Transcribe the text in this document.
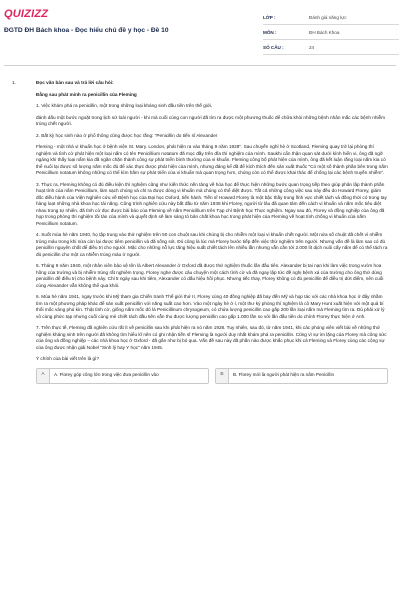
QUIZIZZ
ĐGTD ĐH Bách khoa - Đọc hiểu chủ đề y học - Đề 10
LỚP :	Đánh giá năng lực
MÔN :	ĐH Bách Khoa
SỐ CÂU :	24
1.	Đọc văn bản sau và trả lời câu hỏi:

Đằng sau phát minh ra penicillin của Fleming

1. Việc khám phá ra penicillin, một trong những loại kháng sinh đầu tiên trên thế giới,

đánh dấu một bước ngoặt trong lịch sử loài người - khi mà cuối cùng con người đã tìm ra được một phương thuốc để chữa khỏi những bệnh nhân mắc các bệnh nhiễm trùng chết người.

2. Bất kỳ học sinh nào ở phổ thông cũng được học rằng: "Penicillin do tiến sĩ Alexander

Fleming - một nhà vi khuẩn học ở bệnh viện St. Mary. London, phát hiện ra vào tháng 9 năm 1928". Sau chuyến nghỉ hè ở Scotland, Fleming quay trở lại phòng thí nghiệm và tình cờ phát hiện một loại nấm có tên Penicillium notatum đã mọc đầy trên đĩa thí nghiệm của mình. Saukhi cẩn thận quan sát dưới kính hiển vi, ông đã ngỡ ngàng khi thấy loại nấm kia đã ngăn chặn thành công sự phát triển bình thường của vi khuẩn. Fleming công bố phát hiện của mình, ông đã kết luận rằng loại nấm kia có thể nuôi lại được số lượng nấm mốc đủ để xác thực được phát hiện của mình, nhưng đáng kể đã để kích thích đến sản xuất thuốc "Có một số thành phần bên trong nấm Penicillium notatum không những có thể kìm hãm sự phát triển của vi khuẩn mà quan trọng hơn, chúng còn có thể được khai thác để chống lại các bệnh truyền nhiễm".

3. Thực ra, Fleming không có đủ điều kiện thí nghiệm cũng như kiến thức nền tảng về hóa học để thực hiện những bước quan trọng tiếp theo giúp phân lập thành phần hoạt tính của nấm Penicillium, làm sạch chúng và chỉ ra được dòng vi khuẩn mà chúng có thể diệt được. Tất cả những công việc sau này đều do Howard Florey, giám đốc điều hành của Viện Nghiên cứu về Bệnh học của Đại học Oxford, tiến hành. Tiến sĩ Howard Florey là một bậc thầy trong lĩnh vực chiết tách và đồng thời có trong tay hàng loạt những nhà khoa học tài năng. Công trình nghiên cứu này bắt đầu từ năm 1938 khi Florey, người từ lâu đã quan tâm đến cách vi khuẩn và nấm mốc tiêu diệt nhau trong tự nhiên, đã tình cờ đọc được bài báo của Fleming về nấm Penicillium trên Tạp chí Bệnh học Thực nghiệm. Ngay sau đó, Florey và đồng nghiệp của ông đã họp trong phòng thí nghiệm tồi tàn của mình và quyết định sẽ làm sáng tỏ bản chất khoa học trong phát hiện của Fleming về hoạt tính chống vi khuẩn của nấm Penicillium notatum.

4. Suốt mùa hè năm 1940, họ tập trung vào thử nghiệm trên 50 con chuột sau khi chúng bị cho nhiễm một loại vi khuẩn chết người. Một nửa số chuột đã chết vì nhiễm trùng máu trong khi nửa còn lại được tiêm penicillin và đã sống sót. Đó cũng là lúc mà Florey bước tiếp đến việc thử nghiệm trên người. Nhưng vấn đề là làm sao có đủ penicillin nguyên chất để điều trị cho người. Mặc cho những nỗ lực tăng hiệu suất chiết tách lên nhiều lần nhưng vẫn cần tới 2.000 lít dịch nuôi cấy nấm để có thể tách ra đủ penicillin cho một ca nhiễm trùng máu ở người.

5. Tháng 9 năm 1940, một nhân viên bảo vệ tên là Albert Alexander ở Oxford đã được thử nghiệm thuốc lần đầu tiên. Alexander bị tai nạn khi làm việc trong vườn hoa hồng của trường và bị nhiễm trùng rất nghiêm trọng. Florey nghe được câu chuyện một cách tình cờ và đã ngay lập tức đề nghị bệnh xá của trường cho ông thử dùng penicillin để điều trị cho bệnh này. Chỉ 5 ngày sau khi tiêm, Alexander có dấu hiệu hồi phục. Nhưng tiếc thay, Florey không có đủ penicillin để điều trị dứt điểm, nên cuối cùng Alexander vẫn không thể qua khỏi.

6. Mùa hè năm 1941, ngay trước khi Mỹ tham gia Chiến tranh Thế giới thứ II, Florey cùng 40 đồng nghiệp đã bay đến Mỹ và họp tác với các nhà khoa học ở đây nhằm tìm ra một phương pháp khác để sản xuất penicillin với năng suất cao hơn. Vào một ngày hè ở ỉ, một thư ký phòng thí nghiệm là cô Mary Hunt xuất hiện với một quả bí thối mốc vàng phủ kín. Thật tình cờ, giống nấm mốc đó là Penicillinum chrysogeum, có chứa lượng penicillin cao gấp 200 lần loại nấm mà Fleming tìm ra. Dù phải xử lý vô cùng phức tạp nhưng cuối cùng mẻ chiết tách đầu tiên vẫn thu được lượng penicillin cao gấp 1.000 lần so với lần đầu tiên do chính Florey thực hiện ở Anh.

7. Trên thực tế, Fleming đã nghiên cứu rất ít về penicillin sau khi phát hiện ra nó năm 1928. Tuy nhiên, sau đó, từ năm 1941, khi các phóng viên viết bài về những thử nghiệm kháng sinh trên người đã không tìm hiểu kĩ nên có ghi nhận tiền sĩ Fleming là người duy nhất khám phá ra penicillin. Cũng vì sự im lặng của Florey mà công sức của ông và đồng nghiệp – các nhà khoa học ở Oxford - đã gần như bị bỏ qua. Vấn đề sau này đã phần nào được khắc phục khi cả Fleming và Florey cùng các cộng sự của ông được nhận giải Nobel "Sinh lý hay Y học" năm 1945.

Ý chính của bài viết trên là gì?

A	A. Florey góp công lớn trong việc đưa penicillin vào	B	B. Florey mới là người phát hiện ra nấm Penicillin
